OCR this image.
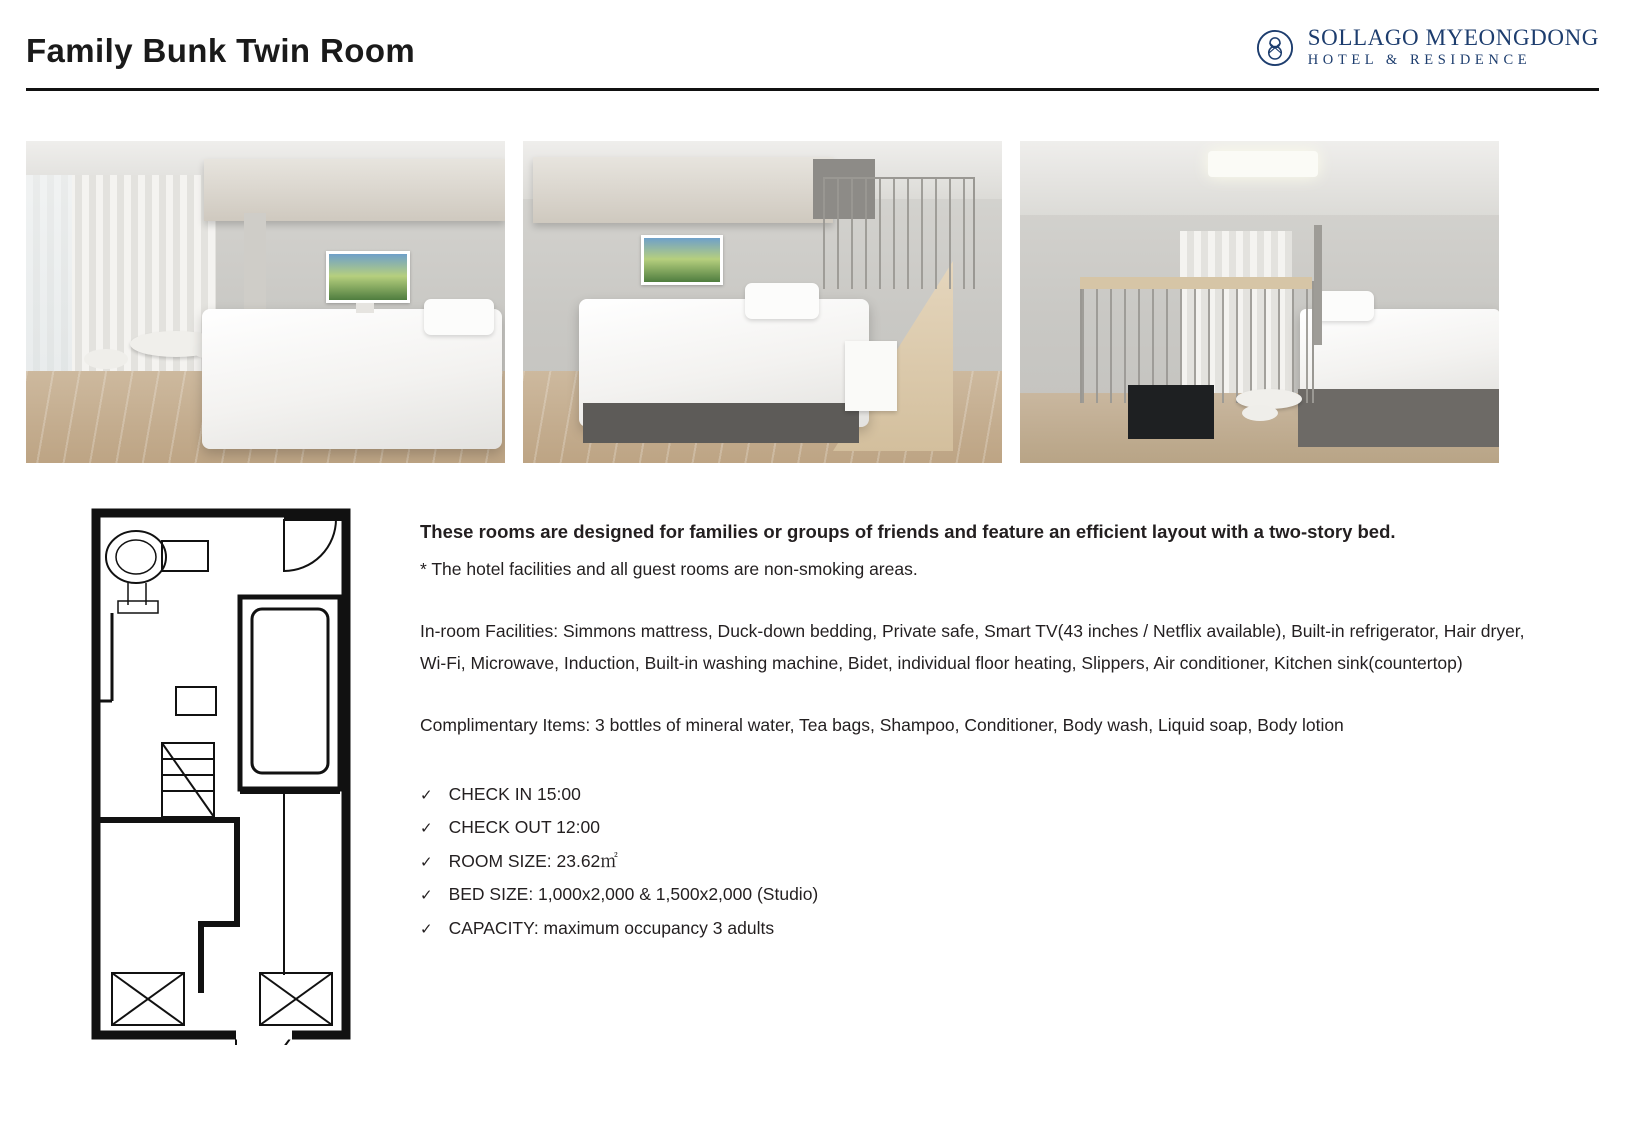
Family Bunk Twin Room	SOLLAGO MYEONGDONG
HOTEL & RESIDENCE
These rooms are designed for families or groups of friends and feature an efficient layout with a two-story bed.
* The hotel facilities and all guest rooms are non-smoking areas.
In-room Facilities: Simmons mattress, Duck-down bedding, Private safe, Smart TV(43 inches / Netflix available), Built-in refrigerator, Hair dryer, Wi-Fi, Microwave, Induction, Built-in washing machine, Bidet, individual floor heating, Slippers, Air conditioner, Kitchen sink(countertop)
Complimentary Items: 3 bottles of mineral water, Tea bags, Shampoo, Conditioner, Body wash, Liquid soap, Body lotion
✓ CHECK IN 15:00
✓ CHECK OUT 12:00
✓ ROOM SIZE: 23.62㎡
✓ BED SIZE: 1,000x2,000 & 1,500x2,000 (Studio)
✓ CAPACITY: maximum occupancy 3 adults
